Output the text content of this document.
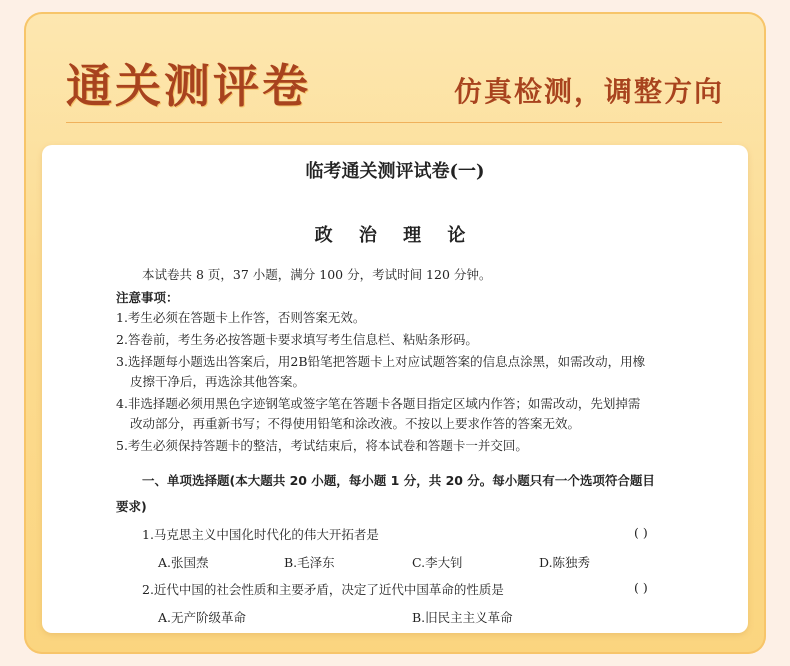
通关测评卷	仿真检测，调整方向
临考通关测评试卷(一)
政 治 理 论
本试卷共 8 页，37 小题，满分 100 分，考试时间 120 分钟。
注意事项：
1.考生必须在答题卡上作答，否则答案无效。
2.答卷前，考生务必按答题卡要求填写考生信息栏、粘贴条形码。
3.选择题每小题选出答案后，用2B铅笔把答题卡上对应试题答案的信息点涂黑，如需改动，用橡
皮擦干净后，再选涂其他答案。
4.非选择题必须用黑色字迹钢笔或签字笔在答题卡各题目指定区域内作答；如需改动，先划掉需
改动部分，再重新书写；不得使用铅笔和涂改液。不按以上要求作答的答案无效。
5.考生必须保持答题卡的整洁，考试结束后，将本试卷和答题卡一并交回。
一、单项选择题(本大题共 20 小题，每小题 1 分，共 20 分。每小题只有一个选项符合题目
要求)
1.马克思主义中国化时代化的伟大开拓者是	( )
A.张国焘	B.毛泽东	C.李大钊	D.陈独秀
2.近代中国的社会性质和主要矛盾，决定了近代中国革命的性质是	( )
A.无产阶级革命	B.旧民主主义革命
